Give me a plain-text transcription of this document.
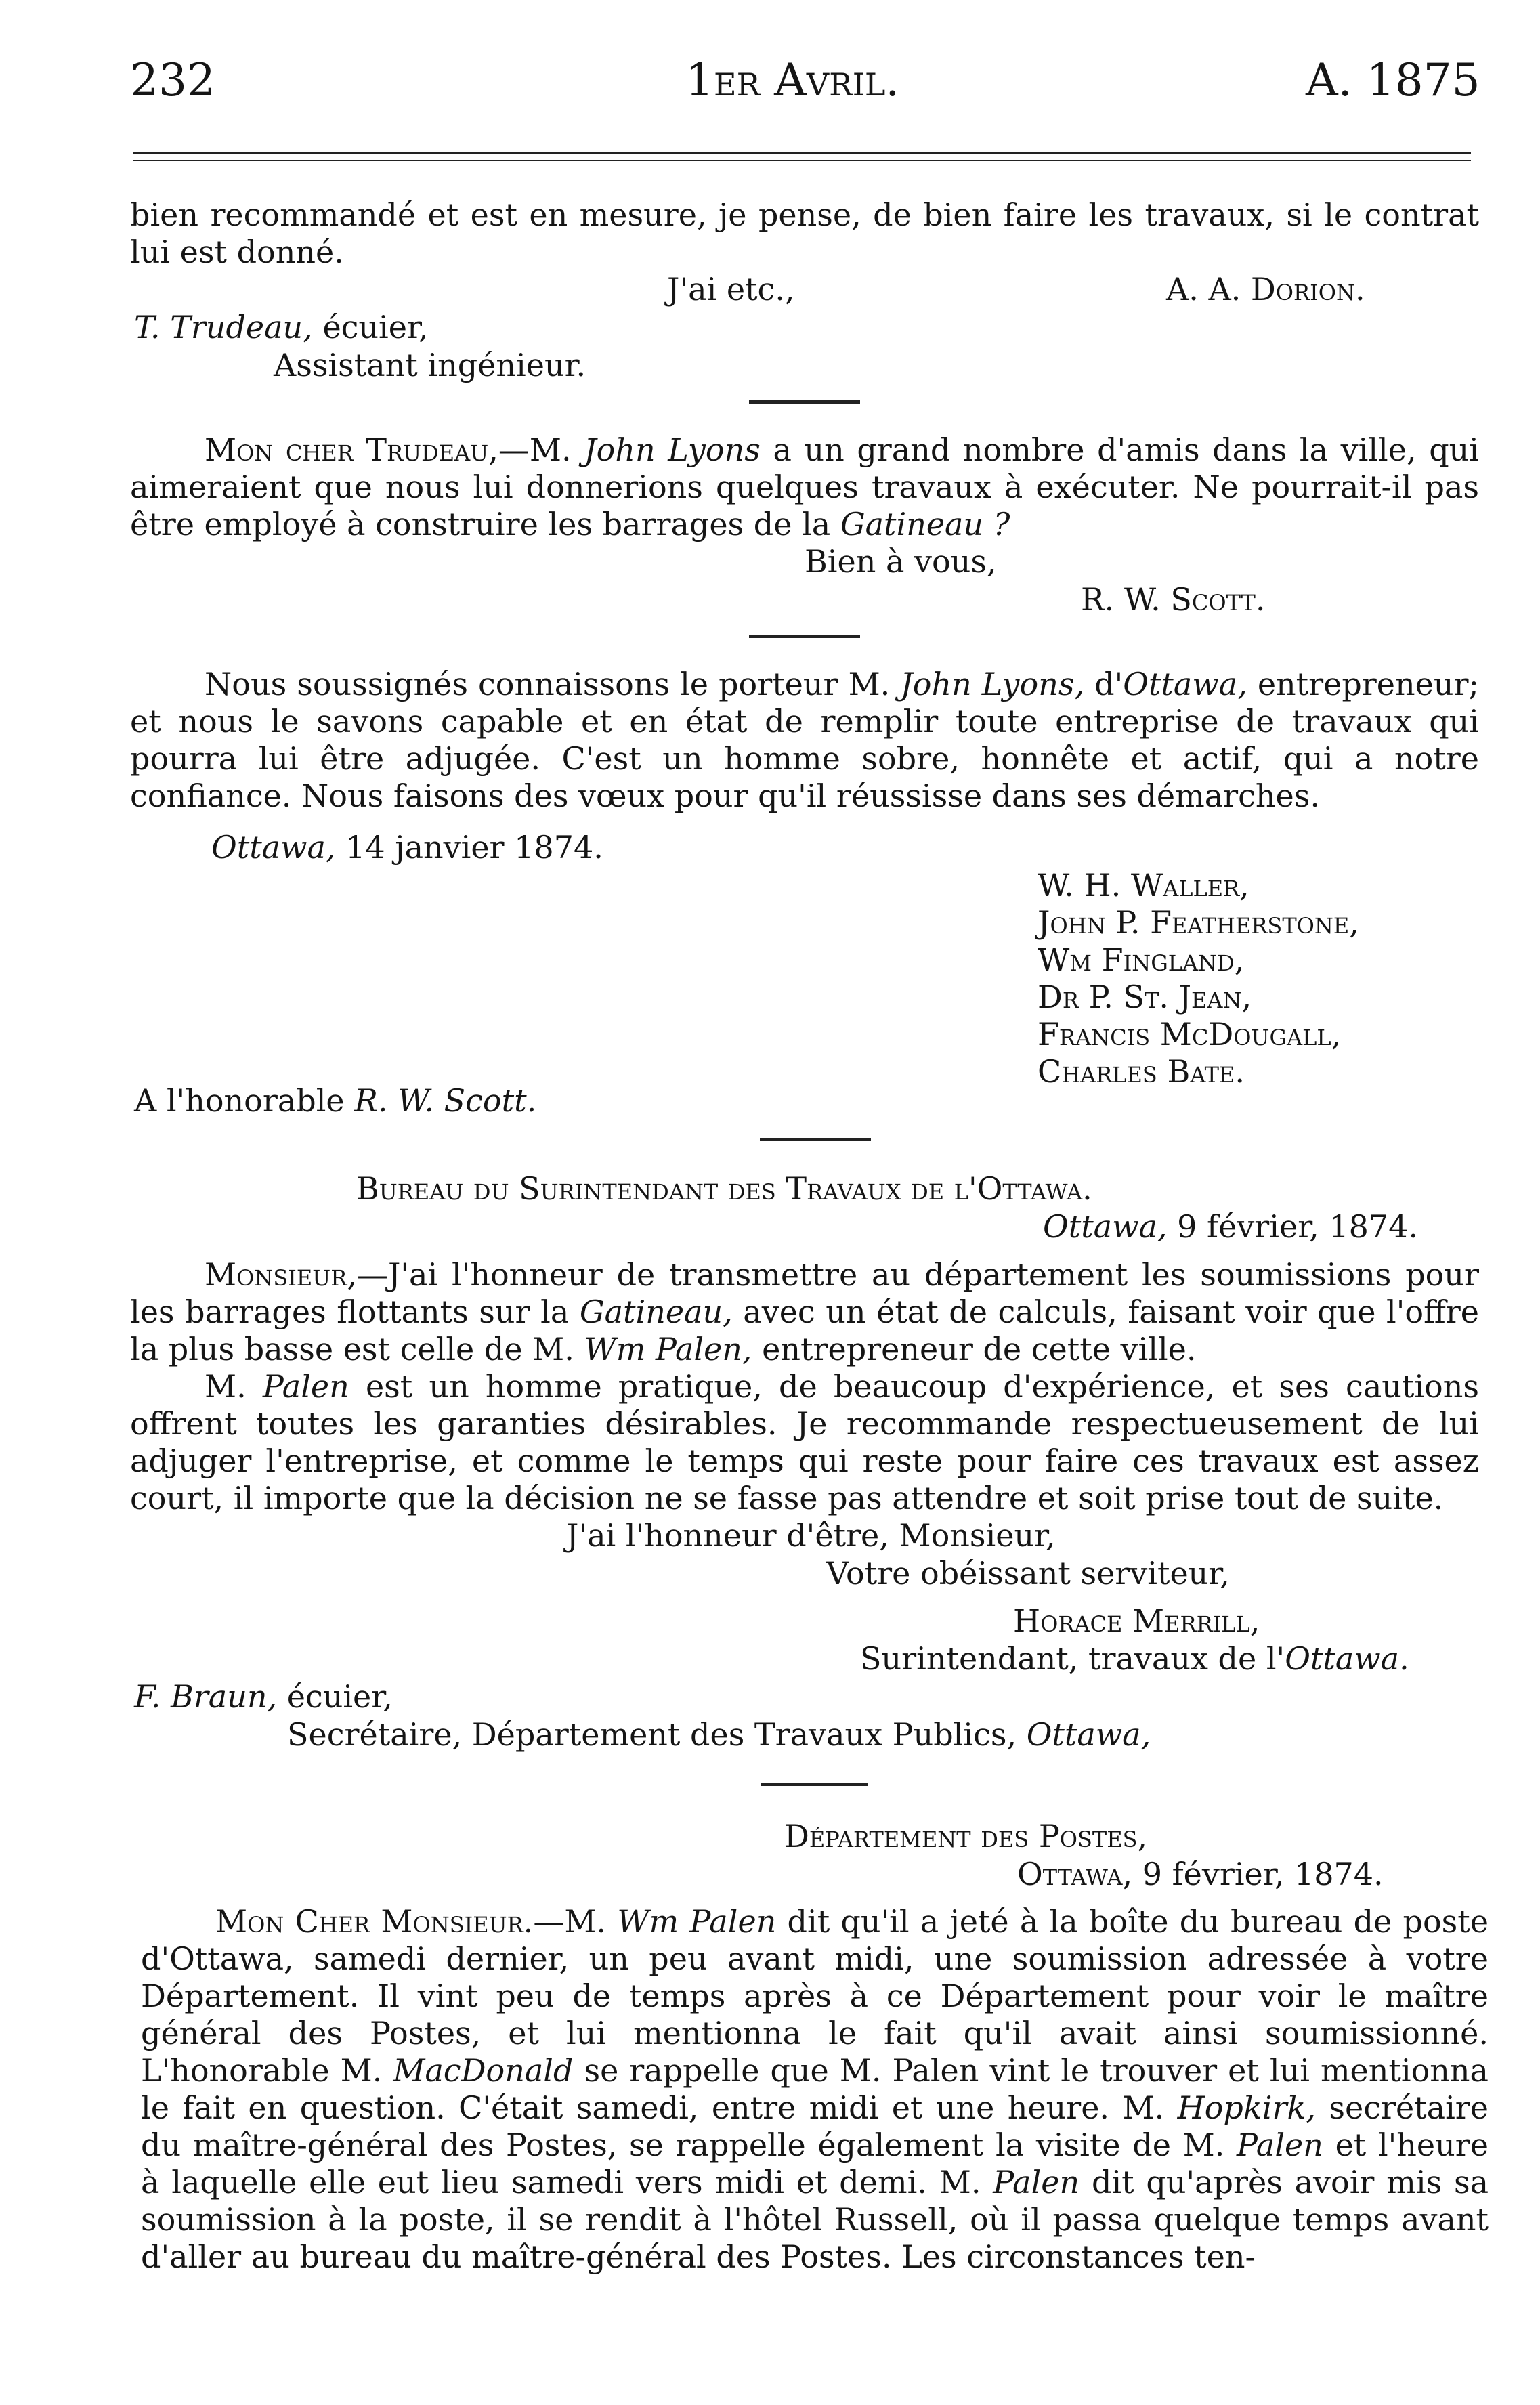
232	1er Avril.	A. 1875

bien recommandé et est en mesure, je pense, de bien faire les travaux, si le contrat lui est donné.

J'ai etc.,	A. A. Dorion.
T. Trudeau, écuier,
Assistant ingénieur.

Mon cher Trudeau,—M. John Lyons a un grand nombre d'amis dans la ville, qui aimeraient que nous lui donnerions quelques travaux à exécuter. Ne pourrait-il pas être employé à construire les barrages de la Gatineau ?

Bien à vous,
R. W. Scott.

Nous soussignés connaissons le porteur M. John Lyons, d'Ottawa, entrepreneur; et nous le savons capable et en état de remplir toute entreprise de travaux qui pourra lui être adjugée. C'est un homme sobre, honnête et actif, qui a notre confiance. Nous faisons des vœux pour qu'il réussisse dans ses démarches.

Ottawa, 14 janvier 1874.
W. H. Waller,
John P. Featherstone,
Wm Fingland,
Dr P. St. Jean,
Francis McDougall,
Charles Bate.
A l'honorable R. W. Scott.
Bureau du Surintendant des Travaux de l'Ottawa.
Ottawa, 9 février, 1874.

Monsieur,—J'ai l'honneur de transmettre au département les soumissions pour les barrages flottants sur la Gatineau, avec un état de calculs, faisant voir que l'offre la plus basse est celle de M. Wm Palen, entrepreneur de cette ville.

M. Palen est un homme pratique, de beaucoup d'expérience, et ses cautions offrent toutes les garanties désirables. Je recommande respectueusement de lui adjuger l'entreprise, et comme le temps qui reste pour faire ces travaux est assez court, il importe que la décision ne se fasse pas attendre et soit prise tout de suite.

J'ai l'honneur d'être, Monsieur,
Votre obéissant serviteur,
Horace Merrill,
Surintendant, travaux de l'Ottawa.
F. Braun, écuier,
Secrétaire, Département des Travaux Publics, Ottawa,
Département des Postes,
Ottawa, 9 février, 1874.

Mon Cher Monsieur.—M. Wm Palen dit qu'il a jeté à la boîte du bureau de poste d'Ottawa, samedi dernier, un peu avant midi, une soumission adressée à votre Département. Il vint peu de temps après à ce Département pour voir le maître général des Postes, et lui mentionna le fait qu'il avait ainsi soumissionné. L'honorable M. MacDonald se rappelle que M. Palen vint le trouver et lui mentionna le fait en question. C'était samedi, entre midi et une heure. M. Hopkirk, secrétaire du maître-général des Postes, se rappelle également la visite de M. Palen et l'heure à laquelle elle eut lieu samedi vers midi et demi. M. Palen dit qu'après avoir mis sa soumission à la poste, il se rendit à l'hôtel Russell, où il passa quelque temps avant d'aller au bureau du maître-général des Postes. Les circonstances ten-
